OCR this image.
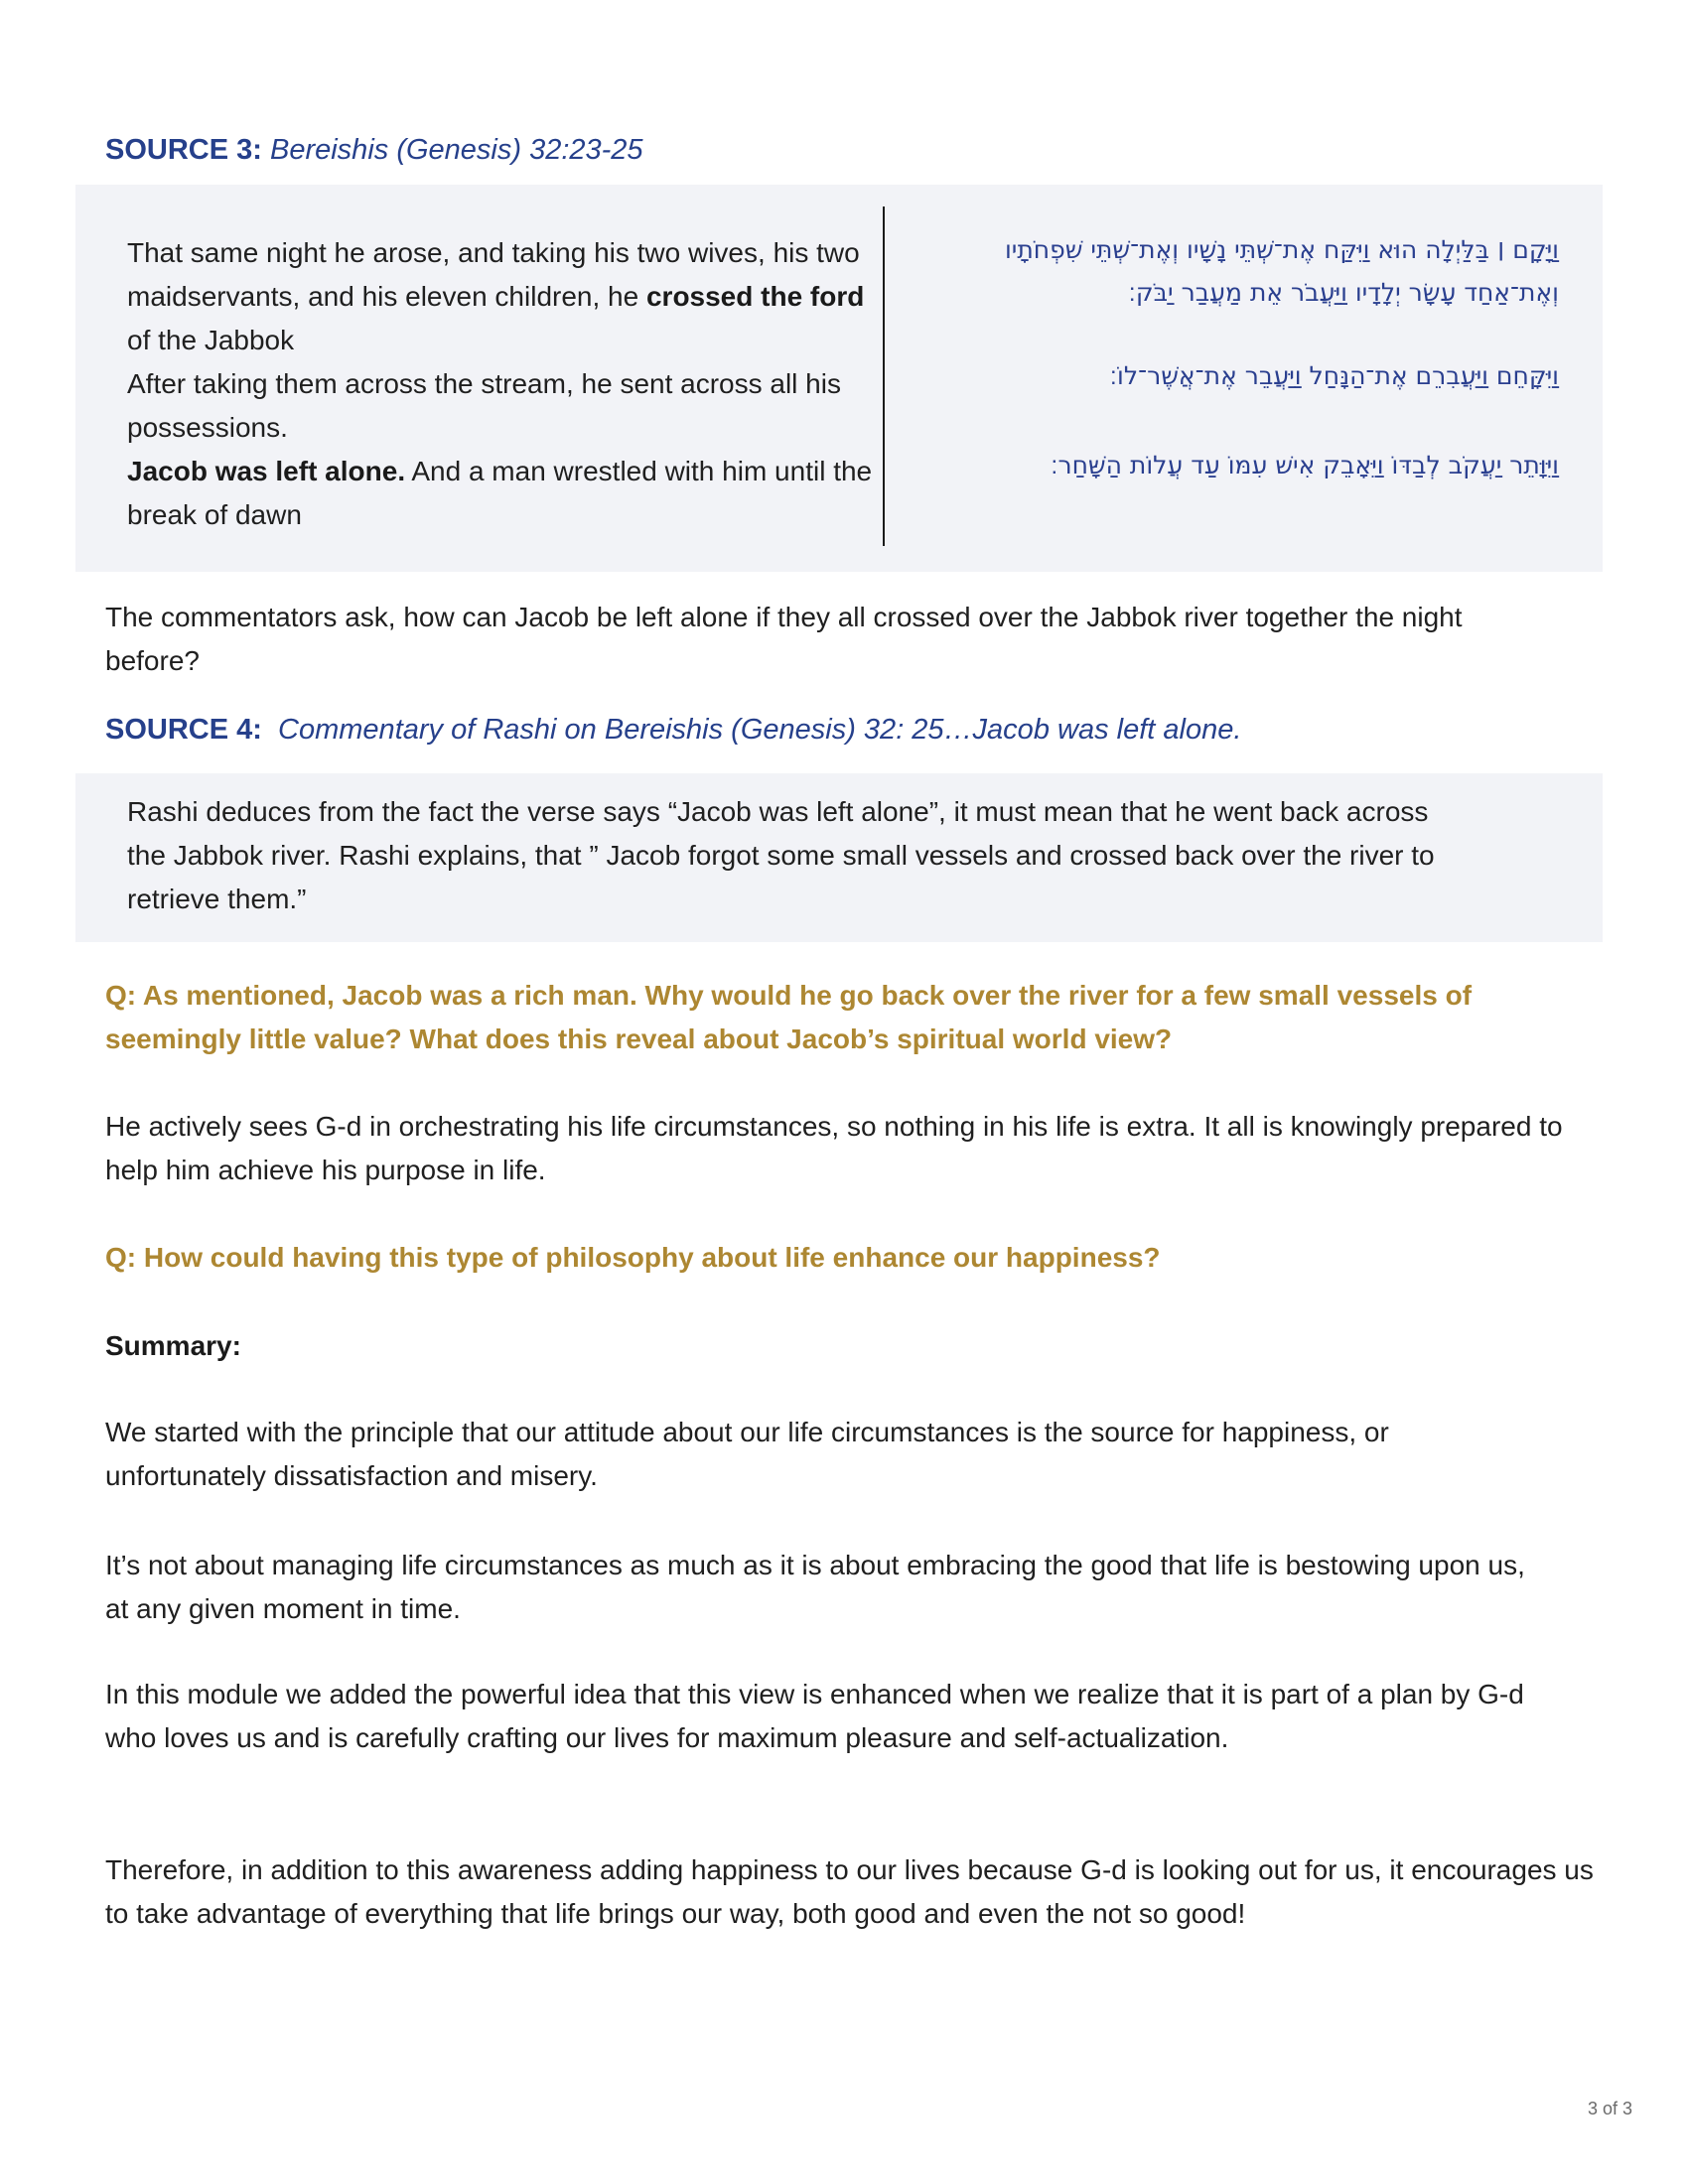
SOURCE 3: Bereishis (Genesis) 32:23-25

That same night he arose, and taking his two wives, his two maidservants, and his eleven children, he crossed the ford of the Jabbok

After taking them across the stream, he sent across all his possessions.

Jacob was left alone. And a man wrestled with him until the break of dawn

וַיָּקָם ׀ בַּלַּיְלָה הוּא וַיִּקַּח אֶת־שְׁתֵּי נָשָׁיו וְאֶת־שְׁתֵּי שִׁפְחֹתָיו וְאֶת־אַחַד עָשָׂר יְלָדָיו וַיַּעֲבֹר אֵת מַעֲבַר יַבֹּק׃
וַיִּקָּחֵם וַיַּעֲבִרֵם אֶת־הַנָּחַל וַיַּעֲבֵר אֶת־אֲשֶׁר־לוֹ׃
וַיִּוָּתֵר יַעֲקֹב לְבַדּוֹ וַיֵּאָבֵק אִישׁ עִמּוֹ עַד עֲלוֹת הַשָּׁחַר׃
The commentators ask, how can Jacob be left alone if they all crossed over the Jabbok river together the night before?
SOURCE 4: Commentary of Rashi on Bereishis (Genesis) 32: 25…Jacob was left alone.
Rashi deduces from the fact the verse says “Jacob was left alone”, it must mean that he went back across the Jabbok river. Rashi explains, that ” Jacob forgot some small vessels and crossed back over the river to retrieve them.”
Q: As mentioned, Jacob was a rich man. Why would he go back over the river for a few small vessels of seemingly little value? What does this reveal about Jacob’s spiritual world view?
He actively sees G-d in orchestrating his life circumstances, so nothing in his life is extra. It all is knowingly prepared to help him achieve his purpose in life.
Q: How could having this type of philosophy about life enhance our happiness?
Summary:
We started with the principle that our attitude about our life circumstances is the source for happiness, or unfortunately dissatisfaction and misery.
It’s not about managing life circumstances as much as it is about embracing the good that life is bestowing upon us, at any given moment in time.
In this module we added the powerful idea that this view is enhanced when we realize that it is part of a plan by G-d who loves us and is carefully crafting our lives for maximum pleasure and self-actualization.
Therefore, in addition to this awareness adding happiness to our lives because G-d is looking out for us, it encourages us to take advantage of everything that life brings our way, both good and even the not so good!
3 of 3
